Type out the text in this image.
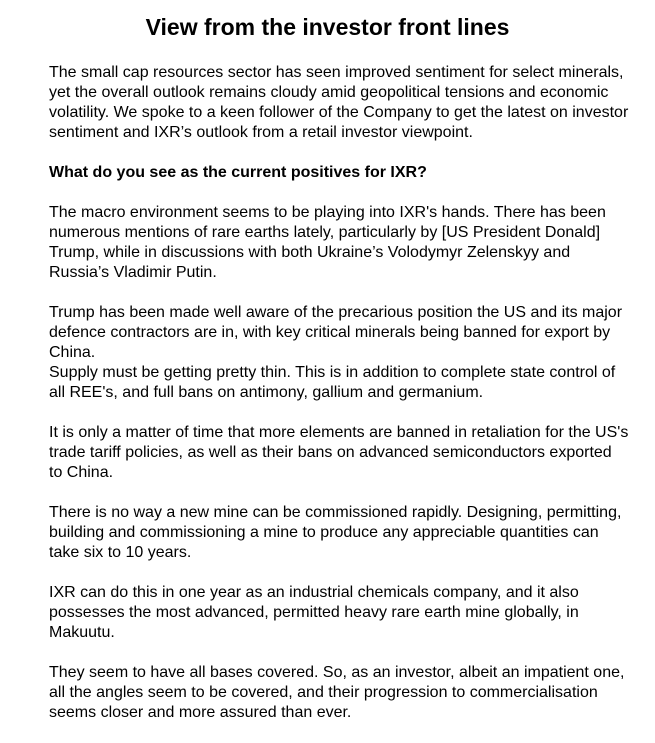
View from the investor front lines

The small cap resources sector has seen improved sentiment for select minerals, yet the overall outlook remains cloudy amid geopolitical tensions and economic volatility. We spoke to a keen follower of the Company to get the latest on investor sentiment and IXR’s outlook from a retail investor viewpoint.

What do you see as the current positives for IXR?

The macro environment seems to be playing into IXR's hands. There has been numerous mentions of rare earths lately, particularly by [US President Donald] Trump, while in discussions with both Ukraine’s Volodymyr Zelenskyy and Russia’s Vladimir Putin.

Trump has been made well aware of the precarious position the US and its major defence contractors are in, with key critical minerals being banned for export by China.
Supply must be getting pretty thin. This is in addition to complete state control of all REE's, and full bans on antimony, gallium and germanium.

It is only a matter of time that more elements are banned in retaliation for the US's trade tariff policies, as well as their bans on advanced semiconductors exported to China.

There is no way a new mine can be commissioned rapidly. Designing, permitting, building and commissioning a mine to produce any appreciable quantities can take six to 10 years.

IXR can do this in one year as an industrial chemicals company, and it also possesses the most advanced, permitted heavy rare earth mine globally, in Makuutu.

They seem to have all bases covered. So, as an investor, albeit an impatient one, all the angles seem to be covered, and their progression to commercialisation seems closer and more assured than ever.
